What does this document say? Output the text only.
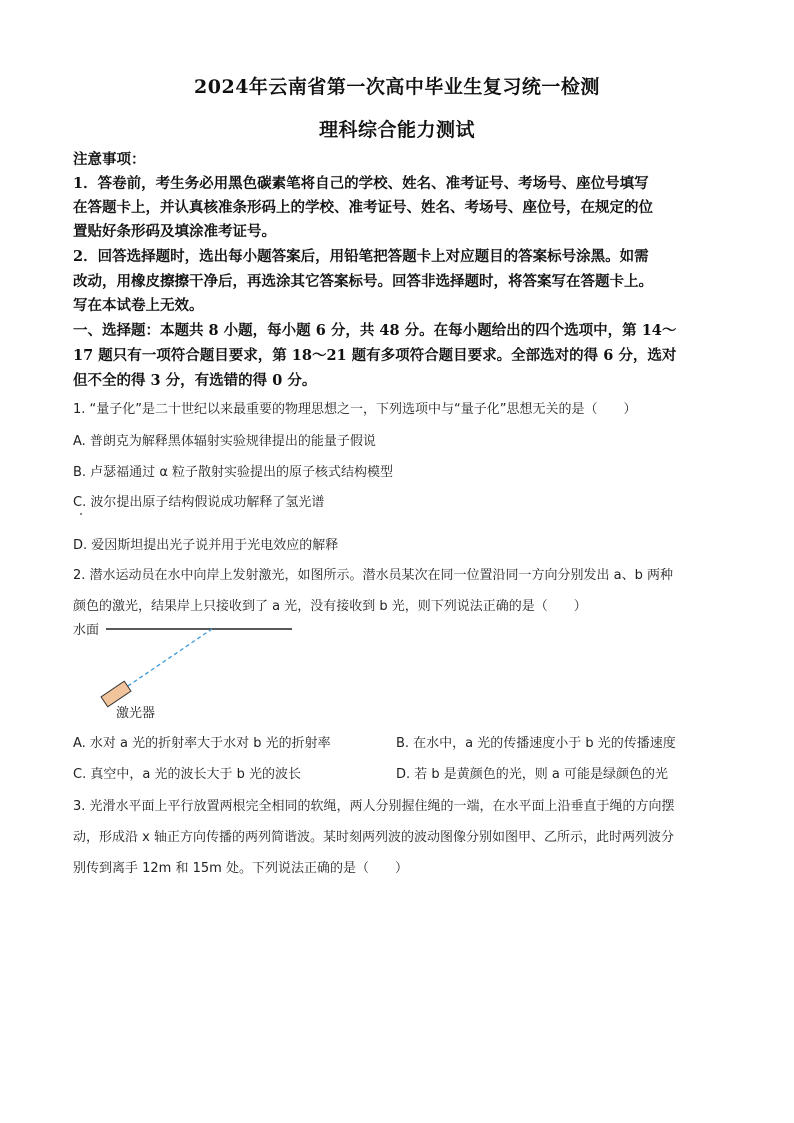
2024年云南省第一次高中毕业生复习统一检测
理科综合能力测试
注意事项：
1．答卷前，考生务必用黑色碳素笔将自己的学校、姓名、准考证号、考场号、座位号填写
在答题卡上，并认真核准条形码上的学校、准考证号、姓名、考场号、座位号，在规定的位
置贴好条形码及填涂准考证号。
2．回答选择题时，选出每小题答案后，用铅笔把答题卡上对应题目的答案标号涂黑。如需
改动，用橡皮擦擦干净后，再选涂其它答案标号。回答非选择题时，将答案写在答题卡上。
写在本试卷上无效。
一、选择题：本题共 8 小题，每小题 6 分，共 48 分。在每小题给出的四个选项中，第 14～
17 题只有一项符合题目要求，第 18～21 题有多项符合题目要求。全部选对的得 6 分，选对
但不全的得 3 分，有选错的得 0 分。
1. “量子化”是二十世纪以来最重要的物理思想之一，下列选项中与“量子化”思想无关的是（　　）
A. 普朗克为解释黑体辐射实验规律提出的能量子假说
B. 卢瑟福通过 α 粒子散射实验提出的原子核式结构模型
C. 波尔提出原子结构假说成功解释了氢光谱
D. 爱因斯坦提出光子说并用于光电效应的解释
2. 潜水运动员在水中向岸上发射激光，如图所示。潜水员某次在同一位置沿同一方向分别发出 a、b 两种
颜色的激光，结果岸上只接收到了 a 光，没有接收到 b 光，则下列说法正确的是（　　）
水面
激光器
A. 水对 a 光的折射率大于水对 b 光的折射率	B. 在水中，a 光的传播速度小于 b 光的传播速度
C. 真空中，a 光的波长大于 b 光的波长	D. 若 b 是黄颜色的光，则 a 可能是绿颜色的光
3. 光滑水平面上平行放置两根完全相同的软绳，两人分别握住绳的一端，在水平面上沿垂直于绳的方向摆
动，形成沿 x 轴正方向传播的两列简谐波。某时刻两列波的波动图像分别如图甲、乙所示，此时两列波分
别传到离手 12m 和 15m 处。下列说法正确的是（　　）
